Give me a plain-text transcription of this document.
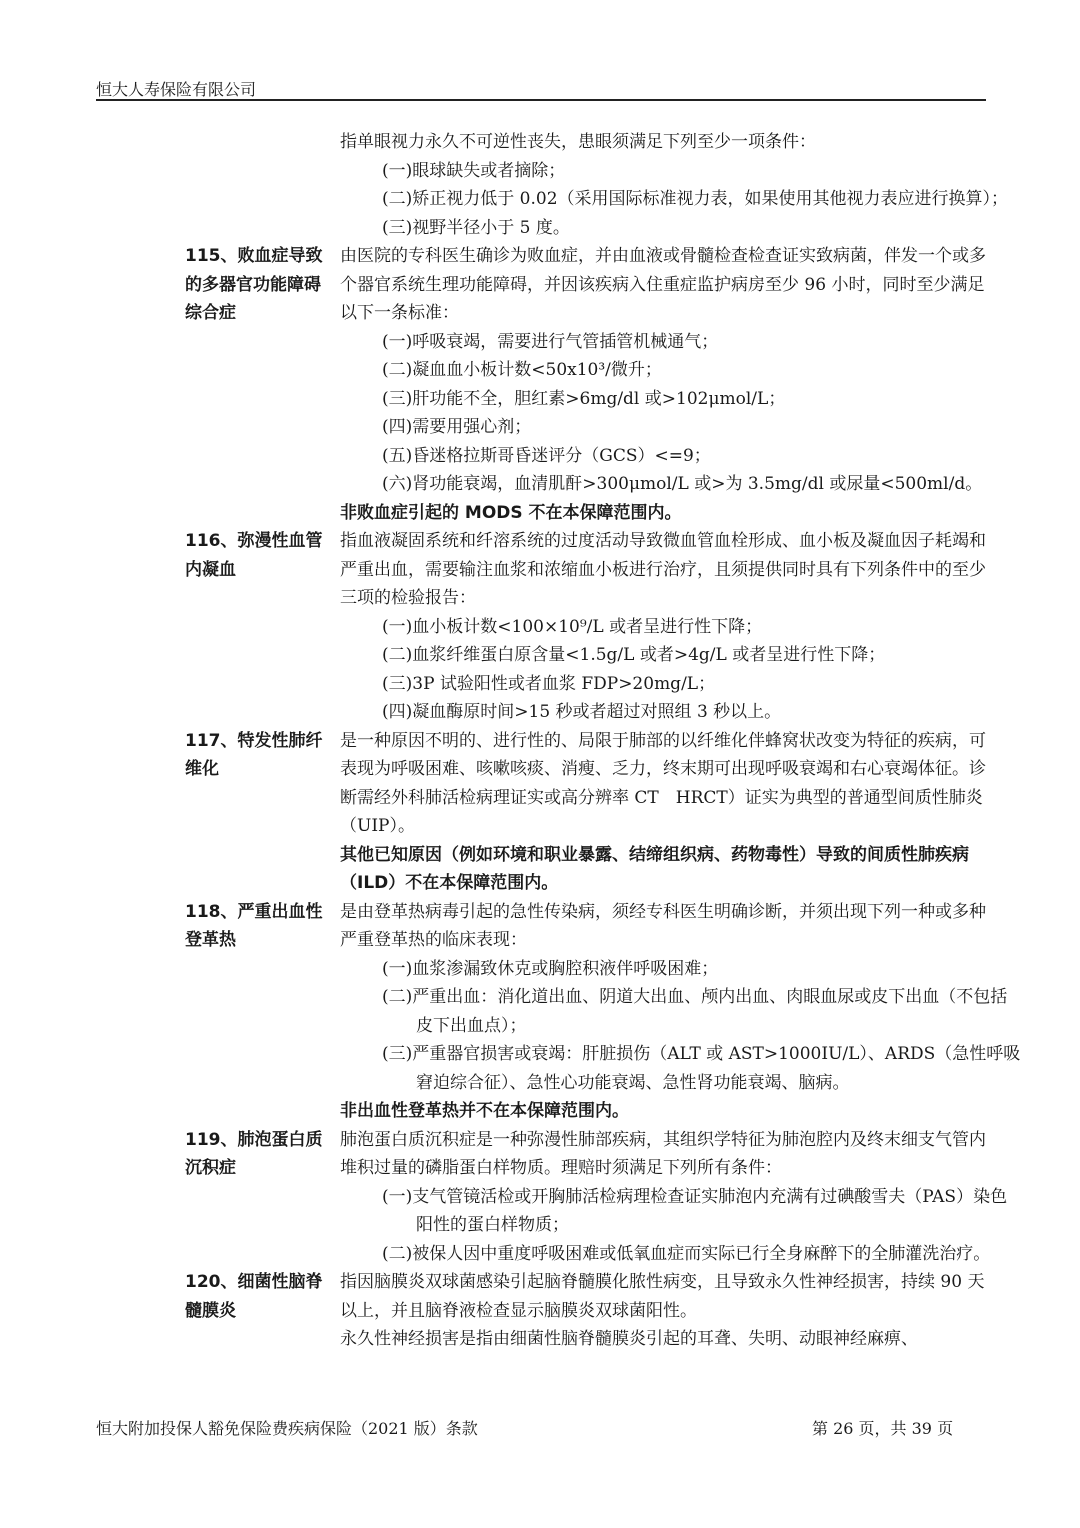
恒大人寿保险有限公司
指单眼视力永久不可逆性丧失，患眼须满足下列至少一项条件：
(一)眼球缺失或者摘除；
(二)矫正视力低于 0.02（采用国际标准视力表，如果使用其他视力表应进行换算）；
(三)视野半径小于 5 度。
115、败血症导致的多器官功能障碍综合症
由医院的专科医生确诊为败血症，并由血液或骨髓检查检查证实致病菌，伴发一个或多个器官系统生理功能障碍，并因该疾病入住重症监护病房至少 96 小时，同时至少满足以下一条标准：
(一)呼吸衰竭，需要进行气管插管机械通气；
(二)凝血血小板计数<50x10³/微升；
(三)肝功能不全，胆红素>6mg/dl 或>102μmol/L；
(四)需要用强心剂；
(五)昏迷格拉斯哥昏迷评分（GCS）<=9；
(六)肾功能衰竭，血清肌酐>300μmol/L 或>为 3.5mg/dl 或尿量<500ml/d。
非败血症引起的 MODS 不在本保障范围内。
116、弥漫性血管内凝血
指血液凝固系统和纤溶系统的过度活动导致微血管血栓形成、血小板及凝血因子耗竭和严重出血，需要输注血浆和浓缩血小板进行治疗，且须提供同时具有下列条件中的至少三项的检验报告：
(一)血小板计数<100×10⁹/L 或者呈进行性下降；
(二)血浆纤维蛋白原含量<1.5g/L 或者>4g/L 或者呈进行性下降；
(三)3P 试验阳性或者血浆 FDP>20mg/L；
(四)凝血酶原时间>15 秒或者超过对照组 3 秒以上。
117、特发性肺纤维化
是一种原因不明的、进行性的、局限于肺部的以纤维化伴蜂窝状改变为特征的疾病，可表现为呼吸困难、咳嗽咳痰、消瘦、乏力，终末期可出现呼吸衰竭和右心衰竭体征。诊断需经外科肺活检病理证实或高分辨率 CT　HRCT）证实为典型的普通型间质性肺炎（UIP）。
其他已知原因（例如环境和职业暴露、结缔组织病、药物毒性）导致的间质性肺疾病（ILD）不在本保障范围内。
118、严重出血性登革热
是由登革热病毒引起的急性传染病，须经专科医生明确诊断，并须出现下列一种或多种严重登革热的临床表现：
(一)血浆渗漏致休克或胸腔积液伴呼吸困难；
(二)严重出血：消化道出血、阴道大出血、颅内出血、肉眼血尿或皮下出血（不包括皮下出血点）；
(三)严重器官损害或衰竭：肝脏损伤（ALT 或 AST>1000IU/L）、ARDS（急性呼吸窘迫综合征）、急性心功能衰竭、急性肾功能衰竭、脑病。
非出血性登革热并不在本保障范围内。
119、肺泡蛋白质沉积症
肺泡蛋白质沉积症是一种弥漫性肺部疾病，其组织学特征为肺泡腔内及终末细支气管内堆积过量的磷脂蛋白样物质。理赔时须满足下列所有条件：
(一)支气管镜活检或开胸肺活检病理检查证实肺泡内充满有过碘酸雪夫（PAS）染色阳性的蛋白样物质；
(二)被保人因中重度呼吸困难或低氧血症而实际已行全身麻醉下的全肺灌洗治疗。
120、细菌性脑脊髓膜炎
指因脑膜炎双球菌感染引起脑脊髓膜化脓性病变，且导致永久性神经损害，持续 90 天以上，并且脑脊液检查显示脑膜炎双球菌阳性。
永久性神经损害是指由细菌性脑脊髓膜炎引起的耳聋、失明、动眼神经麻痹、
恒大附加投保人豁免保险费疾病保险（2021 版）条款	第 26 页，共 39 页
